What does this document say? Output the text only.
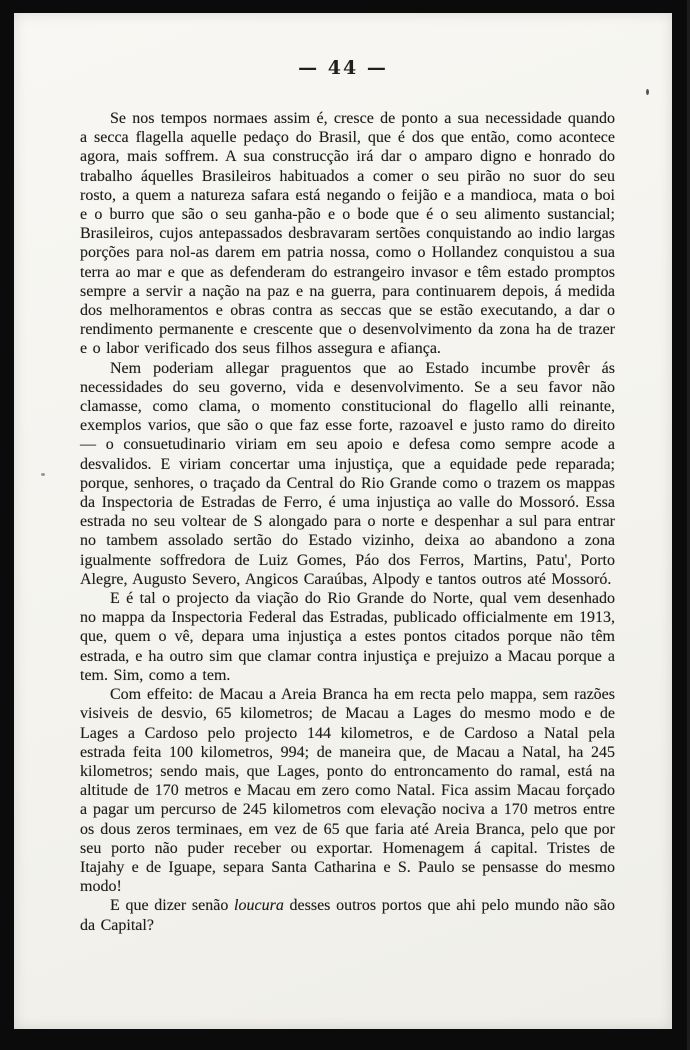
— 44 —

Se nos tempos normaes assim é, cresce de ponto a sua necessidade quando a secca flagella aquelle pedaço do Brasil, que é dos que então, como acontece agora, mais soffrem. A sua construcção irá dar o amparo digno e honrado do trabalho áquelles Brasileiros habituados a comer o seu pirão no suor do seu rosto, a quem a natureza safara está negando o feijão e a mandioca, mata o boi e o burro que são o seu ganha-pão e o bode que é o seu alimento sustancial; Brasileiros, cujos antepassados desbravaram sertões conquistando ao indio largas porções para nol-as darem em patria nossa, como o Hollandez conquistou a sua terra ao mar e que as defenderam do estrangeiro invasor e têm estado promptos sempre a servir a nação na paz e na guerra, para continuarem depois, á medida dos melhoramentos e obras contra as seccas que se estão executando, a dar o rendimento permanente e crescente que o desenvolvimento da zona ha de trazer e o labor verificado dos seus filhos assegura e afiança.

Nem poderiam allegar praguentos que ao Estado incumbe provêr ás necessidades do seu governo, vida e desenvolvimento. Se a seu favor não clamasse, como clama, o momento constitucional do flagello alli reinante, exemplos varios, que são o que faz esse forte, razoavel e justo ramo do direito — o consuetudinario viriam em seu apoio e defesa como sempre acode a desvalidos. E viriam concertar uma injustiça, que a equidade pede reparada; porque, senhores, o traçado da Central do Rio Grande como o trazem os mappas da Inspectoria de Estradas de Ferro, é uma injustiça ao valle do Mossoró. Essa estrada no seu voltear de S alongado para o norte e despenhar a sul para entrar no tambem assolado sertão do Estado vizinho, deixa ao abandono a zona igualmente soffredora de Luiz Gomes, Páo dos Ferros, Martins, Patu', Porto Alegre, Augusto Severo, Angicos Caraúbas, Alpody e tantos outros até Mossoró.

E é tal o projecto da viação do Rio Grande do Norte, qual vem desenhado no mappa da Inspectoria Federal das Estradas, publicado officialmente em 1913, que, quem o vê, depara uma injustiça a estes pontos citados porque não têm estrada, e ha outro sim que clamar contra injustiça e prejuizo a Macau porque a tem. Sim, como a tem.

Com effeito: de Macau a Areia Branca ha em recta pelo mappa, sem razões visiveis de desvio, 65 kilometros; de Macau a Lages do mesmo modo e de Lages a Cardoso pelo projecto 144 kilometros, e de Cardoso a Natal pela estrada feita 100 kilometros, 994; de maneira que, de Macau a Natal, ha 245 kilometros; sendo mais, que Lages, ponto do entroncamento do ramal, está na altitude de 170 metros e Macau em zero como Natal. Fica assim Macau forçado a pagar um percurso de 245 kilometros com elevação nociva a 170 metros entre os dous zeros terminaes, em vez de 65 que faria até Areia Branca, pelo que por seu porto não puder receber ou exportar. Homenagem á capital. Tristes de Itajahy e de Iguape, separa Santa Catharina e S. Paulo se pensasse do mesmo modo!

E que dizer senão loucura desses outros portos que ahi pelo mundo não são da Capital?
